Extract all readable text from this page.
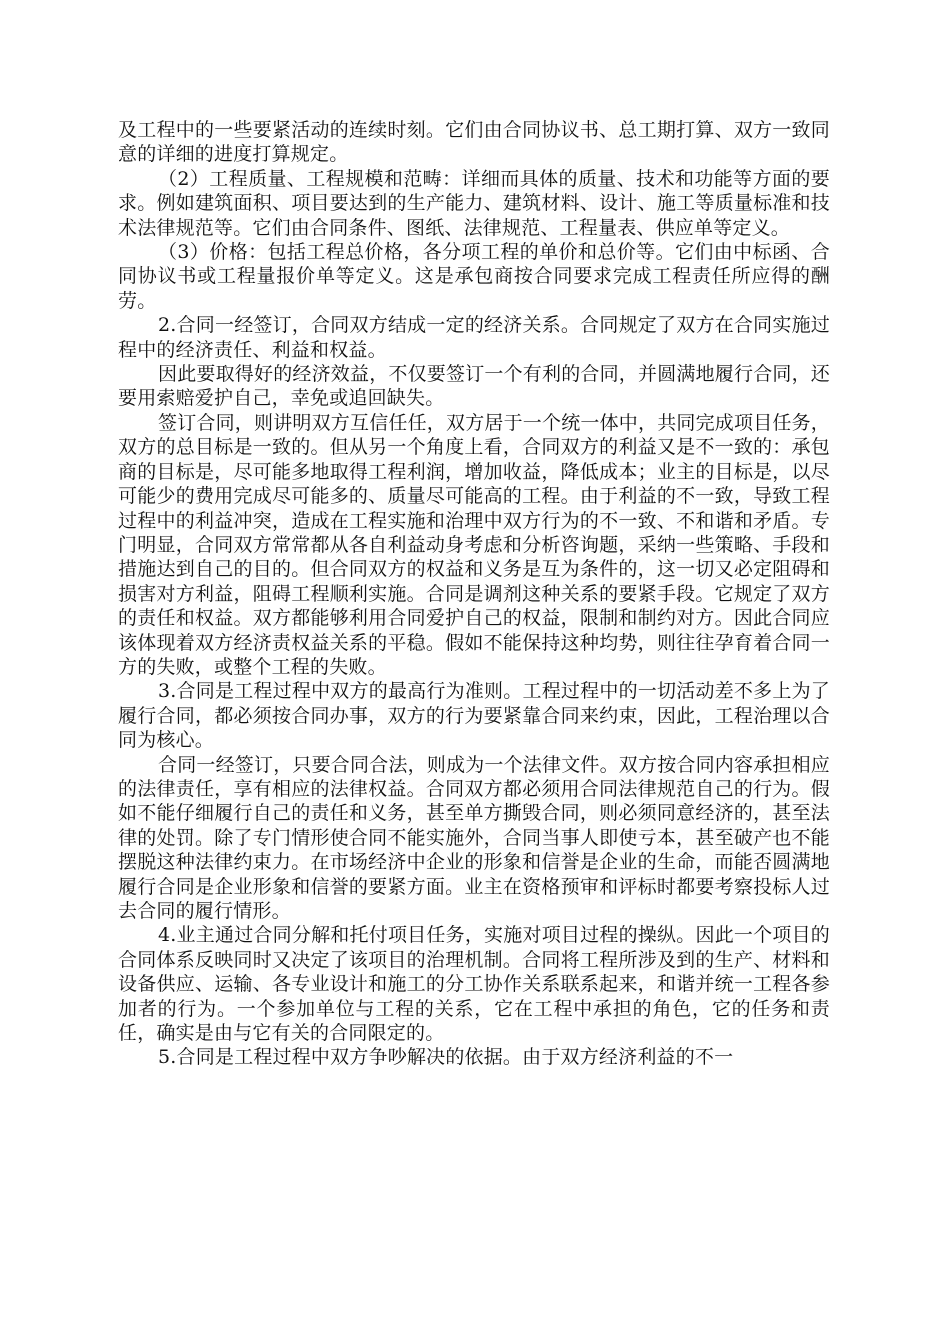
及工程中的一些要紧活动的连续时刻。它们由合同协议书、总工期打算、双方一致同意的详细的进度打算规定。

（2）工程质量、工程规模和范畴：详细而具体的质量、技术和功能等方面的要求。例如建筑面积、项目要达到的生产能力、建筑材料、设计、施工等质量标准和技术法律规范等。它们由合同条件、图纸、法律规范、工程量表、供应单等定义。

（3）价格：包括工程总价格，各分项工程的单价和总价等。它们由中标函、合同协议书或工程量报价单等定义。这是承包商按合同要求完成工程责任所应得的酬劳。

2.合同一经签订，合同双方结成一定的经济关系。合同规定了双方在合同实施过程中的经济责任、利益和权益。

因此要取得好的经济效益，不仅要签订一个有利的合同，并圆满地履行合同，还要用索赔爱护自己，幸免或追回缺失。

签订合同，则讲明双方互信任任，双方居于一个统一体中，共同完成项目任务，双方的总目标是一致的。但从另一个角度上看，合同双方的利益又是不一致的：承包商的目标是，尽可能多地取得工程利润，增加收益，降低成本；业主的目标是，以尽可能少的费用完成尽可能多的、质量尽可能高的工程。由于利益的不一致，导致工程过程中的利益冲突，造成在工程实施和治理中双方行为的不一致、不和谐和矛盾。专门明显，合同双方常常都从各自利益动身考虑和分析咨询题，采纳一些策略、手段和措施达到自己的目的。但合同双方的权益和义务是互为条件的，这一切又必定阻碍和损害对方利益，阻碍工程顺利实施。合同是调剂这种关系的要紧手段。它规定了双方的责任和权益。双方都能够利用合同爱护自己的权益，限制和制约对方。因此合同应该体现着双方经济责权益关系的平稳。假如不能保持这种均势，则往往孕育着合同一方的失败，或整个工程的失败。

3.合同是工程过程中双方的最高行为准则。工程过程中的一切活动差不多上为了履行合同，都必须按合同办事，双方的行为要紧靠合同来约束，因此，工程治理以合同为核心。

合同一经签订，只要合同合法，则成为一个法律文件。双方按合同内容承担相应的法律责任，享有相应的法律权益。合同双方都必须用合同法律规范自己的行为。假如不能仔细履行自己的责任和义务，甚至单方撕毁合同，则必须同意经济的，甚至法律的处罚。除了专门情形使合同不能实施外，合同当事人即使亏本，甚至破产也不能摆脱这种法律约束力。在市场经济中企业的形象和信誉是企业的生命，而能否圆满地履行合同是企业形象和信誉的要紧方面。业主在资格预审和评标时都要考察投标人过去合同的履行情形。

4.业主通过合同分解和托付项目任务，实施对项目过程的操纵。因此一个项目的合同体系反映同时又决定了该项目的治理机制。合同将工程所涉及到的生产、材料和设备供应、运输、各专业设计和施工的分工协作关系联系起来，和谐并统一工程各参加者的行为。一个参加单位与工程的关系，它在工程中承担的角色，它的任务和责任，确实是由与它有关的合同限定的。

5.合同是工程过程中双方争吵解决的依据。由于双方经济利益的不一
